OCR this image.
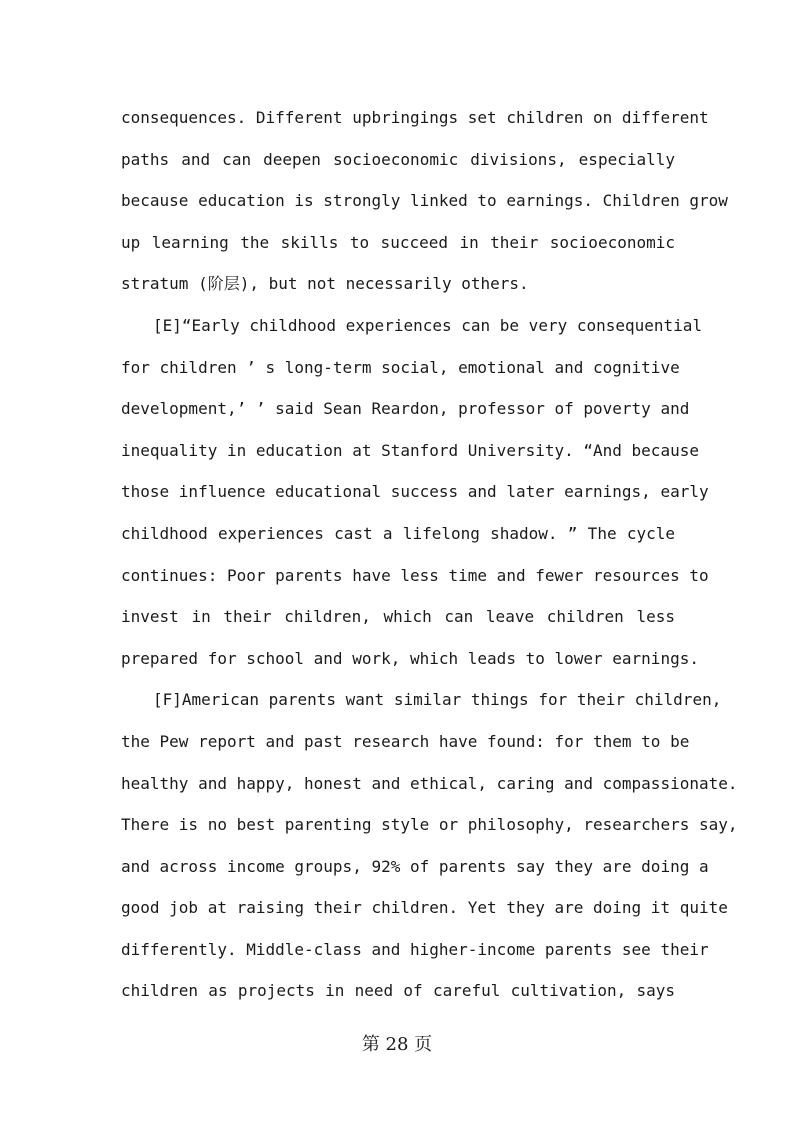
consequences. Different upbringings set children on different
paths and can deepen socioeconomic divisions, especially
because education is strongly linked to earnings. Children grow
up learning the skills to succeed in their socioeconomic
stratum (阶层), but not necessarily others.
[E]“Early childhood experiences can be very consequential
for children ’ s long-term social, emotional and cognitive
development,’ ’ said Sean Reardon, professor of poverty and
inequality in education at Stanford University. “And because
those influence educational success and later earnings, early
childhood experiences cast a lifelong shadow. ” The cycle
continues: Poor parents have less time and fewer resources to
invest in their children, which can leave children less
prepared for school and work, which leads to lower earnings.
[F]American parents want similar things for their children,
the Pew report and past research have found: for them to be
healthy and happy, honest and ethical, caring and compassionate.
There is no best parenting style or philosophy, researchers say,
and across income groups, 92% of parents say they are doing a
good job at raising their children. Yet they are doing it quite
differently. Middle-class and higher-income parents see their
children as projects in need of careful cultivation, says
第 28 页
